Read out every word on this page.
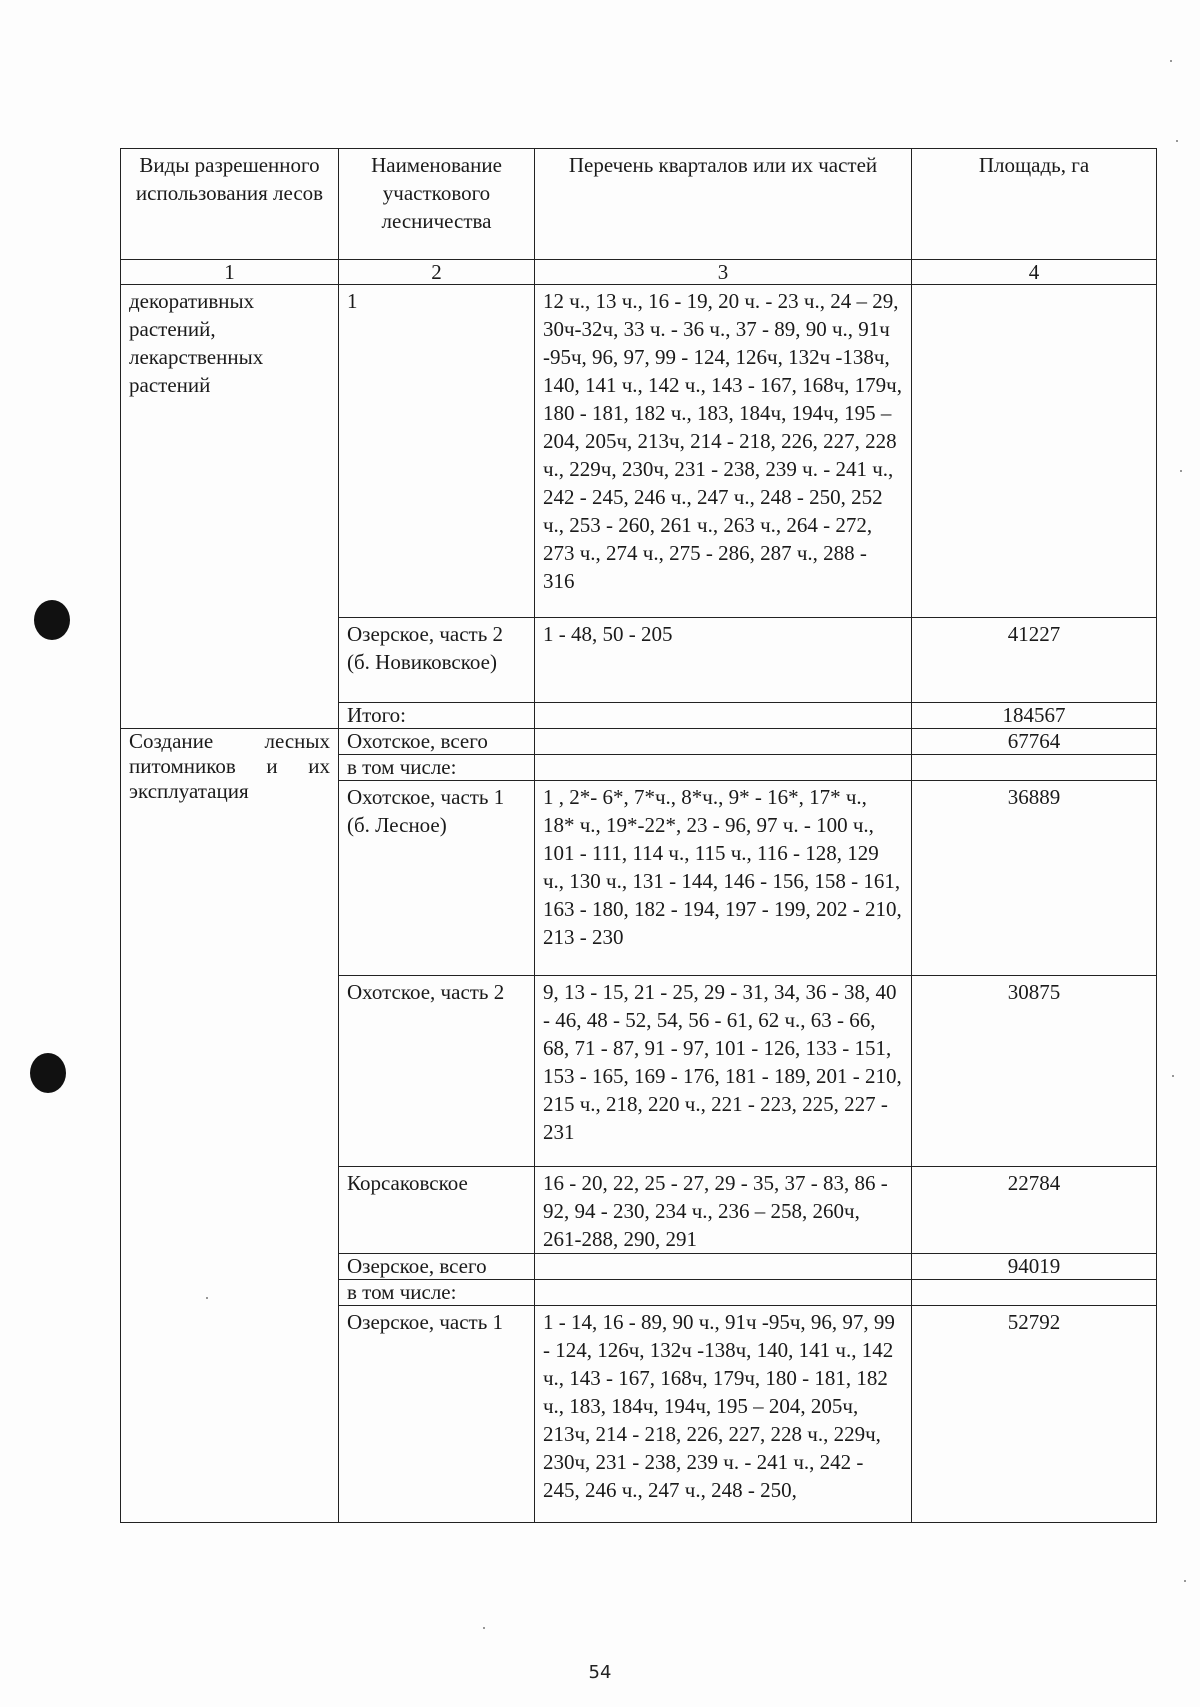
Виды разрешенного использования лесов	Наименование участкового лесничества	Перечень кварталов или их частей	Площадь, га
1	2	3	4
декоративных растений, лекарственных растений	1	12 ч., 13 ч., 16 - 19, 20 ч. - 23 ч., 24 – 29, 30ч-32ч, 33 ч. - 36 ч., 37 - 89, 90 ч., 91ч -95ч, 96, 97, 99 - 124, 126ч, 132ч -138ч, 140, 141 ч., 142 ч., 143 - 167, 168ч, 179ч, 180 - 181, 182 ч., 183, 184ч, 194ч, 195 – 204, 205ч, 213ч, 214 - 218, 226, 227, 228 ч., 229ч, 230ч, 231 - 238, 239 ч. - 241 ч., 242 - 245, 246 ч., 247 ч., 248 - 250, 252 ч., 253 - 260, 261 ч., 263 ч., 264 - 272, 273 ч., 274 ч., 275 - 286, 287 ч., 288 - 316	
	Озерское, часть 2 (б. Новиковское)	1 - 48, 50 - 205	41227
	Итого:		184567
Создание лесных питомников и их эксплуатация	Охотское, всего		67764
	в том числе:		
	Охотское, часть 1 (б. Лесное)	1 , 2*- 6*, 7*ч., 8*ч., 9* - 16*, 17* ч., 18* ч., 19*-22*, 23 - 96, 97 ч. - 100 ч., 101 - 111, 114 ч., 115 ч., 116 - 128, 129 ч., 130 ч., 131 - 144, 146 - 156, 158 - 161, 163 - 180, 182 - 194, 197 - 199, 202 - 210, 213 - 230	36889
	Охотское, часть 2	9, 13 - 15, 21 - 25, 29 - 31, 34, 36 - 38, 40 - 46, 48 - 52, 54, 56 - 61, 62 ч., 63 - 66, 68, 71 - 87, 91 - 97, 101 - 126, 133 - 151, 153 - 165, 169 - 176, 181 - 189, 201 - 210, 215 ч., 218, 220 ч., 221 - 223, 225, 227 - 231	30875
	Корсаковское	16 - 20, 22, 25 - 27, 29 - 35, 37 - 83, 86 - 92, 94 - 230, 234 ч., 236 – 258, 260ч, 261-288, 290, 291	22784
	Озерское, всего		94019
	в том числе:		
	Озерское, часть 1	1 - 14, 16 - 89, 90 ч., 91ч -95ч, 96, 97, 99 - 124, 126ч, 132ч -138ч, 140, 141 ч., 142 ч., 143 - 167, 168ч, 179ч, 180 - 181, 182 ч., 183, 184ч, 194ч, 195 – 204, 205ч, 213ч, 214 - 218, 226, 227, 228 ч., 229ч, 230ч, 231 - 238, 239 ч. - 241 ч., 242 - 245, 246 ч., 247 ч., 248 - 250,	52792
54
